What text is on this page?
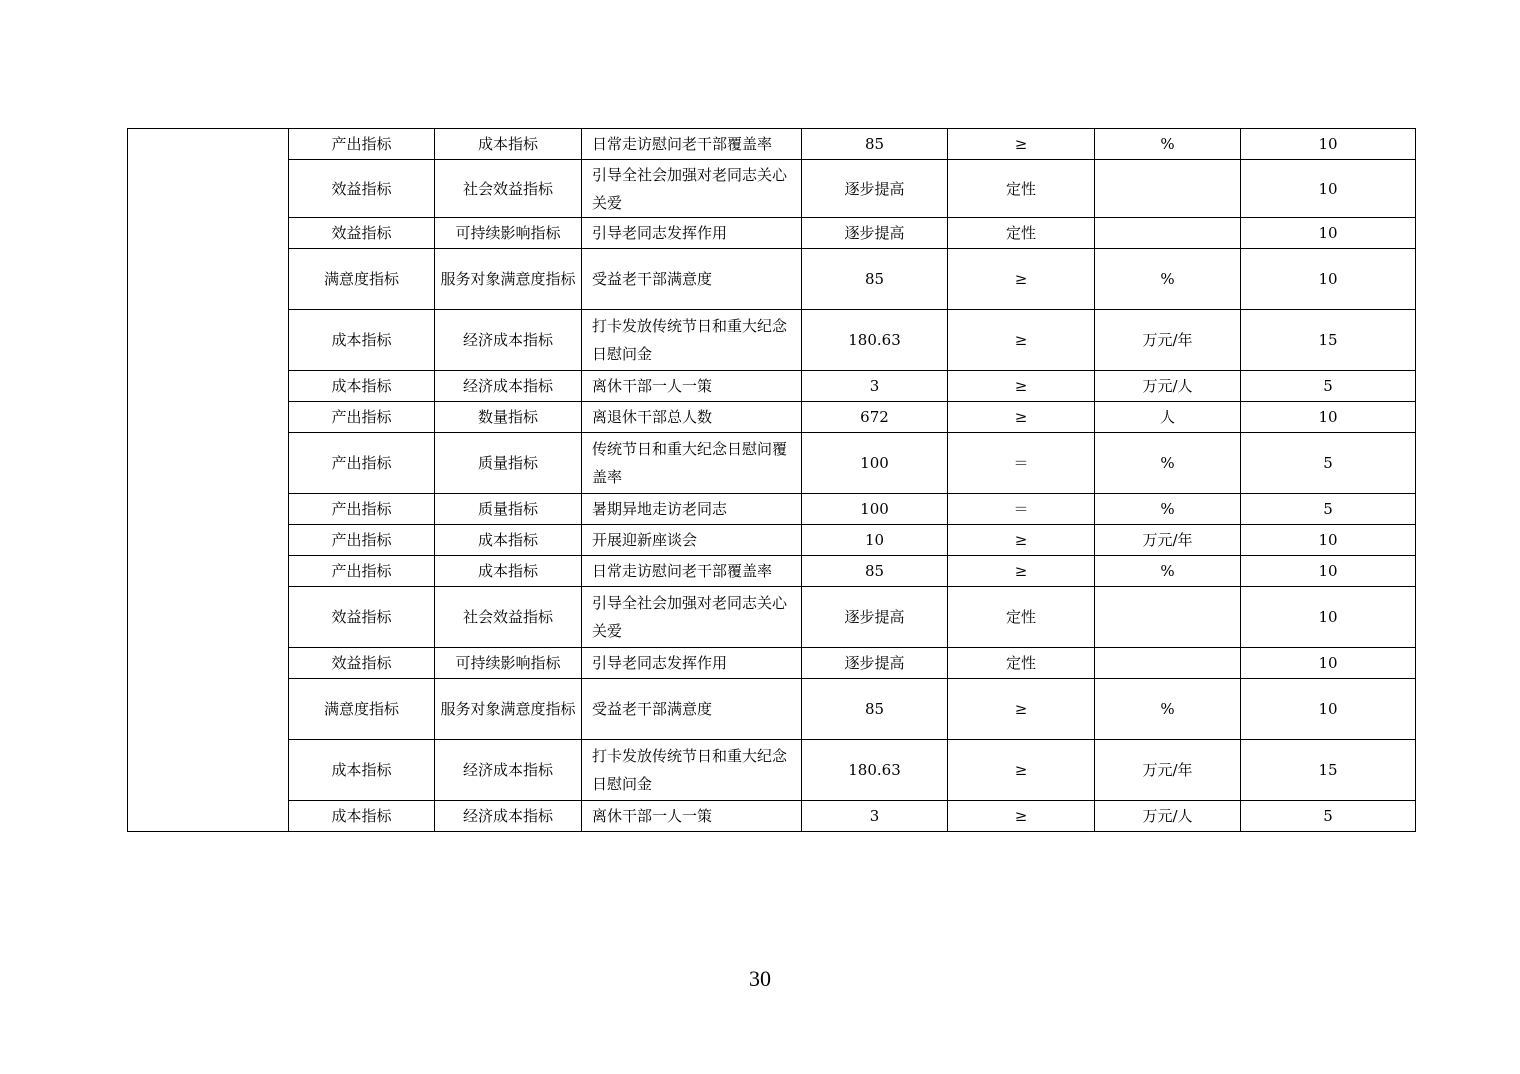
	产出指标	成本指标	日常走访慰问老干部覆盖率	85	≥	%	10
	效益指标	社会效益指标	引导全社会加强对老同志关心关爱	逐步提高	定性		10
	效益指标	可持续影响指标	引导老同志发挥作用	逐步提高	定性		10
	满意度指标	服务对象满意度指标	受益老干部满意度	85	≥	%	10
	成本指标	经济成本指标	打卡发放传统节日和重大纪念日慰问金	180.63	≥	万元/年	15
	成本指标	经济成本指标	离休干部一人一策	3	≥	万元/人	5
	产出指标	数量指标	离退休干部总人数	672	≥	人	10
	产出指标	质量指标	传统节日和重大纪念日慰问覆盖率	100	＝	%	5
	产出指标	质量指标	暑期异地走访老同志	100	＝	%	5
	产出指标	成本指标	开展迎新座谈会	10	≥	万元/年	10
	产出指标	成本指标	日常走访慰问老干部覆盖率	85	≥	%	10
	效益指标	社会效益指标	引导全社会加强对老同志关心关爱	逐步提高	定性		10
	效益指标	可持续影响指标	引导老同志发挥作用	逐步提高	定性		10
	满意度指标	服务对象满意度指标	受益老干部满意度	85	≥	%	10
	成本指标	经济成本指标	打卡发放传统节日和重大纪念日慰问金	180.63	≥	万元/年	15
	成本指标	经济成本指标	离休干部一人一策	3	≥	万元/人	5
30
